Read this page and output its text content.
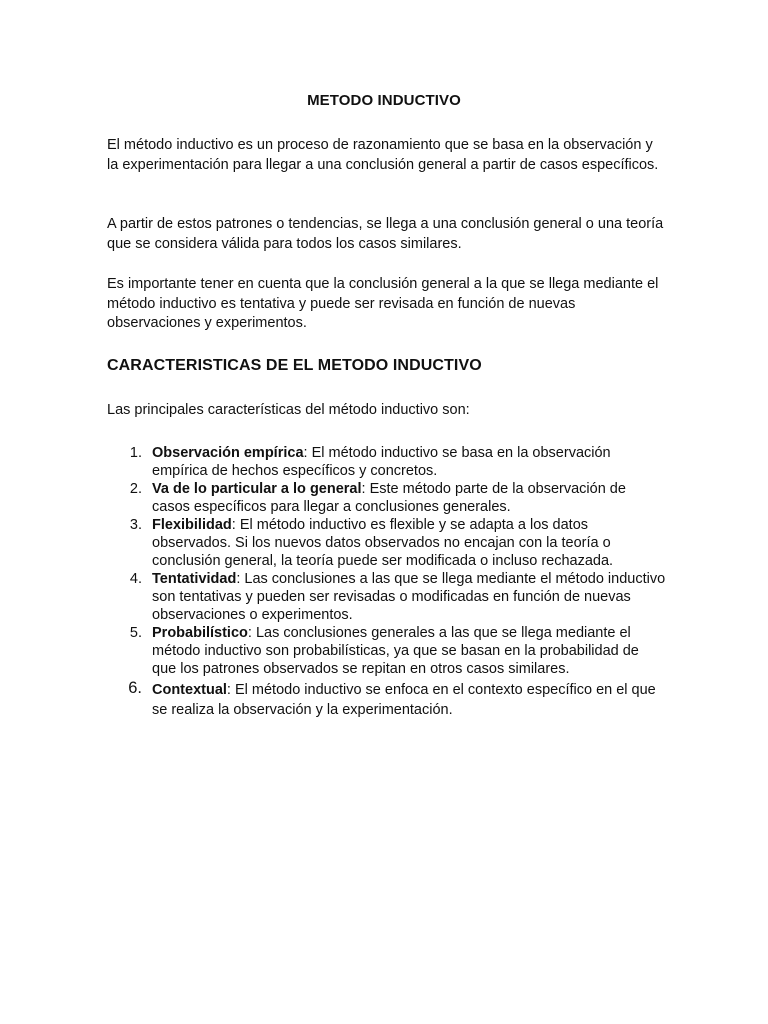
METODO INDUCTIVO
El método inductivo es un proceso de razonamiento que se basa en la observación y la experimentación para llegar a una conclusión general a partir de casos específicos.
A partir de estos patrones o tendencias, se llega a una conclusión general o una teoría que se considera válida para todos los casos similares.
Es importante tener en cuenta que la conclusión general a la que se llega mediante el método inductivo es tentativa y puede ser revisada en función de nuevas observaciones y experimentos.
CARACTERISTICAS DE EL METODO INDUCTIVO
Las principales características del método inductivo son:
1. Observación empírica: El método inductivo se basa en la observación empírica de hechos específicos y concretos.
2. Va de lo particular a lo general: Este método parte de la observación de casos específicos para llegar a conclusiones generales.
3. Flexibilidad: El método inductivo es flexible y se adapta a los datos observados. Si los nuevos datos observados no encajan con la teoría o conclusión general, la teoría puede ser modificada o incluso rechazada.
4. Tentatividad: Las conclusiones a las que se llega mediante el método inductivo son tentativas y pueden ser revisadas o modificadas en función de nuevas observaciones o experimentos.
5. Probabilístico: Las conclusiones generales a las que se llega mediante el método inductivo son probabilísticas, ya que se basan en la probabilidad de que los patrones observados se repitan en otros casos similares.
6. Contextual: El método inductivo se enfoca en el contexto específico en el que se realiza la observación y la experimentación.
